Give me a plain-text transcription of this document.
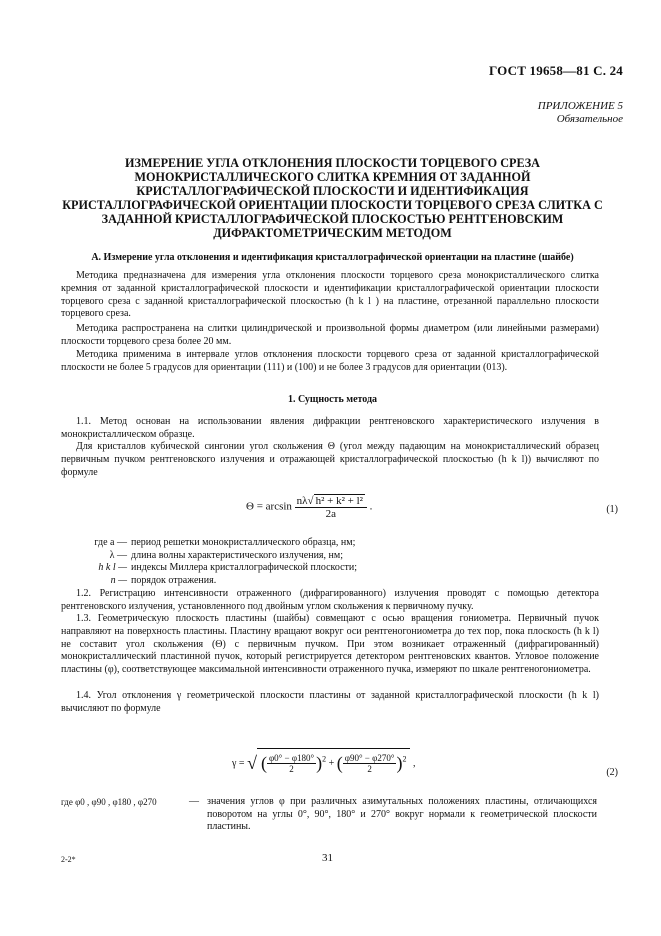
ГОСТ 19658—81 С. 24
ПРИЛОЖЕНИЕ 5
Обязательное
ИЗМЕРЕНИЕ УГЛА ОТКЛОНЕНИЯ ПЛОСКОСТИ ТОРЦЕВОГО СРЕЗА МОНОКРИСТАЛЛИЧЕСКОГО СЛИТКА КРЕМНИЯ ОТ ЗАДАННОЙ КРИСТАЛЛОГРАФИЧЕСКОЙ ПЛОСКОСТИ И ИДЕНТИФИКАЦИЯ КРИСТАЛЛОГРАФИЧЕСКОЙ ОРИЕНТАЦИИ ПЛОСКОСТИ ТОРЦЕВОГО СРЕЗА СЛИТКА С ЗАДАННОЙ КРИСТАЛЛОГРАФИЧЕСКОЙ ПЛОСКОСТЬЮ РЕНТГЕНОВСКИМ ДИФРАКТОМЕТРИЧЕСКИМ МЕТОДОМ
А. Измерение угла отклонения и идентификация кристаллографической ориентации на пластине (шайбе)
Методика предназначена для измерения угла отклонения плоскости торцевого среза монокристаллического слитка кремния от заданной кристаллографической плоскости и идентификации кристаллографической ориентации плоскости торцевого среза с заданной кристаллографической плоскостью (h k l ) на пластине, отрезанной параллельно плоскости торцевого среза.
Методика распространена на слитки цилиндрической и произвольной формы диаметром (или линейными размерами) плоскости торцевого среза более 20 мм.
Методика применима в интервале углов отклонения плоскости торцевого среза от заданной кристаллографической плоскости не более 5 градусов для ориентации (111) и (100) и не более 3 градусов для ориентации (013).
1. Сущность метода
1.1. Метод основан на использовании явления дифракции рентгеновского характеристического излучения в монокристаллическом образце.
Для кристаллов кубической сингонии угол скольжения Θ (угол между падающим на монокристаллический образец первичным пучком рентгеновского излучения и отражающей кристаллографической плоскостью (h k l)) вычисляют по формуле
$\Theta = \arcsin \frac{\text{nλ√ h² + k² + l²}}{2a}$ .	(1)
где a — период решетки монокристаллического образца, нм;
λ — длина волны характеристического излучения, нм;
h k l — индексы Миллера кристаллографической плоскости;
n — порядок отражения.
1.2. Регистрацию интенсивности отраженного (дифрагированного) излучения проводят с помощью детектора рентгеновского излучения, установленного под двойным углом скольжения к первичному пучку.
1.3. Геометрическую плоскость пластины (шайбы) совмещают с осью вращения гониометра. Первичный пучок направляют на поверхность пластины. Пластину вращают вокруг оси рентгеногониометра до тех пор, пока плоскость (h k l) не составит угол скольжения (Θ) с первичным пучком. При этом возникает отраженный (дифрагированный) монокристаллический пластинной пучок, который регистрируется детектором рентгеновских квантов. Угловое положение пластины (φ), соответствующее максимальной интенсивности отраженного пучка, измеряют по шкале рентгеногониометра.
1.4. Угол отклонения γ геометрической плоскости пластины от заданной кристаллографической плоскости (h k l) вычисляют по формуле
γ = √ ( $\frac{\varphi 0^\circ - \varphi 180^\circ}{2} )^2$ + ( $\frac{\varphi 90^\circ - \varphi 270^\circ}{2} )^2$ ,
(2)
где φ0 , φ90 , φ180 , φ270	— значения углов φ при различных азимутальных положениях пластины, отличающихся поворотом на углы 0°, 90°, 180° и 270° вокруг нормали к геометрической плоскости пластины.
2-2*	31
